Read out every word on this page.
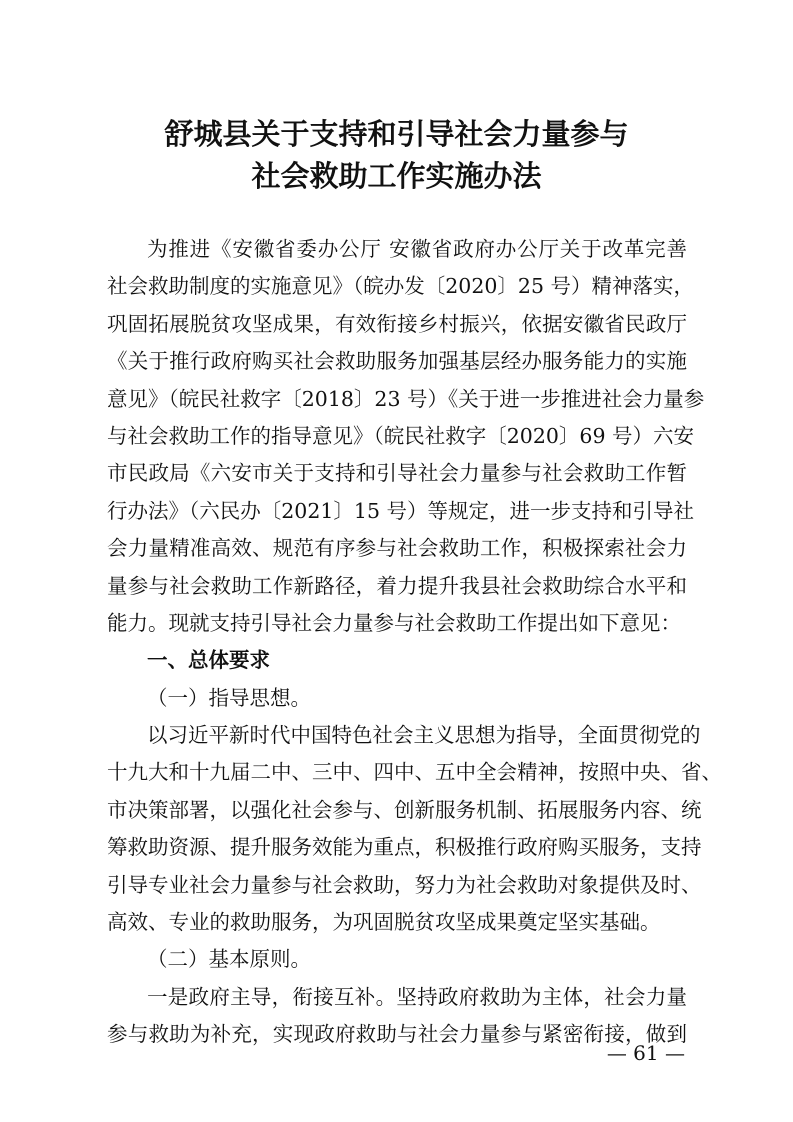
舒城县关于支持和引导社会力量参与
社会救助工作实施办法
为推进《安徽省委办公厅 安徽省政府办公厅关于改革完善
社会救助制度的实施意见》（皖办发〔2020〕25 号）精神落实，
巩固拓展脱贫攻坚成果，有效衔接乡村振兴，依据安徽省民政厅
《关于推行政府购买社会救助服务加强基层经办服务能力的实施
意见》（皖民社救字〔2018〕23 号）《关于进一步推进社会力量参
与社会救助工作的指导意见》（皖民社救字〔2020〕69 号）六安
市民政局《六安市关于支持和引导社会力量参与社会救助工作暂
行办法》（六民办〔2021〕15 号）等规定，进一步支持和引导社
会力量精准高效、规范有序参与社会救助工作，积极探索社会力
量参与社会救助工作新路径，着力提升我县社会救助综合水平和
能力。现就支持引导社会力量参与社会救助工作提出如下意见：
一、总体要求
（一）指导思想。
以习近平新时代中国特色社会主义思想为指导，全面贯彻党的
十九大和十九届二中、三中、四中、五中全会精神，按照中央、省、
市决策部署，以强化社会参与、创新服务机制、拓展服务内容、统
筹救助资源、提升服务效能为重点，积极推行政府购买服务，支持
引导专业社会力量参与社会救助，努力为社会救助对象提供及时、
高效、专业的救助服务，为巩固脱贫攻坚成果奠定坚实基础。
（二）基本原则。
一是政府主导，衔接互补。坚持政府救助为主体，社会力量
参与救助为补充，实现政府救助与社会力量参与紧密衔接，做到
— 61 —
